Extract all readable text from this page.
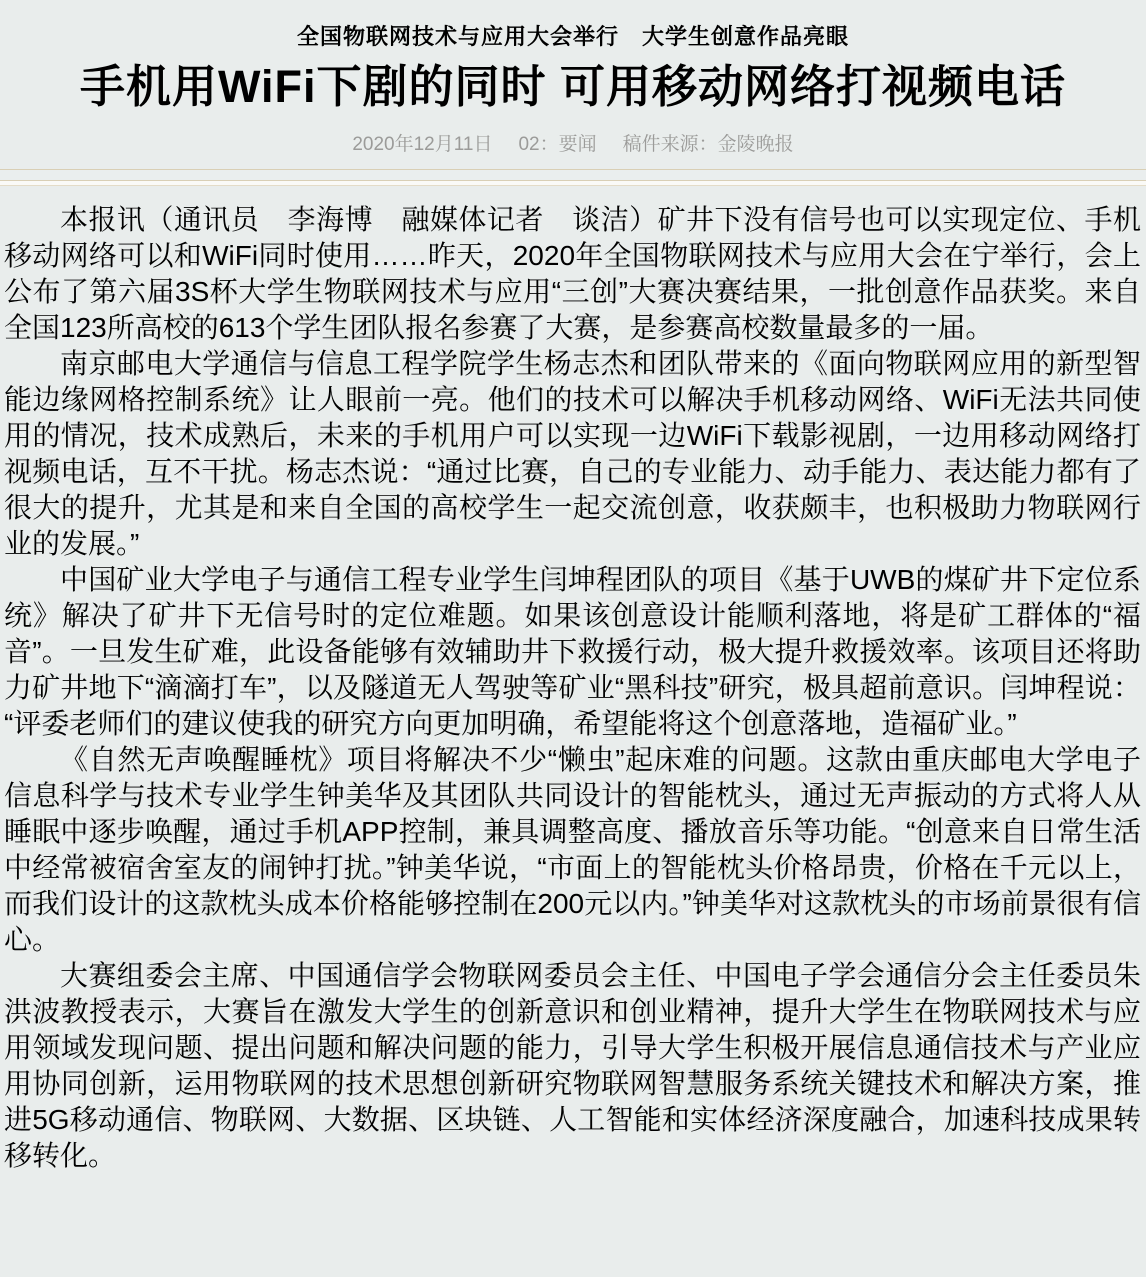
全国物联网技术与应用大会举行　大学生创意作品亮眼
手机用WiFi下剧的同时 可用移动网络打视频电话
2020年12月11日 02：要闻 稿件来源：金陵晚报

本报讯（通讯员　李海博　融媒体记者　谈洁）矿井下没有信号也可以实现定位、手机移动网络可以和WiFi同时使用……昨天，2020年全国物联网技术与应用大会在宁举行，会上公布了第六届3S杯大学生物联网技术与应用“三创”大赛决赛结果，一批创意作品获奖。来自全国123所高校的613个学生团队报名参赛了大赛，是参赛高校数量最多的一届。

南京邮电大学通信与信息工程学院学生杨志杰和团队带来的《面向物联网应用的新型智能边缘网格控制系统》让人眼前一亮。他们的技术可以解决手机移动网络、WiFi无法共同使用的情况，技术成熟后，未来的手机用户可以实现一边WiFi下载影视剧，一边用移动网络打视频电话，互不干扰。杨志杰说：“通过比赛，自己的专业能力、动手能力、表达能力都有了很大的提升，尤其是和来自全国的高校学生一起交流创意，收获颇丰，也积极助力物联网行业的发展。”

中国矿业大学电子与通信工程专业学生闫坤程团队的项目《基于UWB的煤矿井下定位系统》解决了矿井下无信号时的定位难题。如果该创意设计能顺利落地，将是矿工群体的“福音”。一旦发生矿难，此设备能够有效辅助井下救援行动，极大提升救援效率。该项目还将助力矿井地下“滴滴打车”，以及隧道无人驾驶等矿业“黑科技”研究，极具超前意识。闫坤程说：“评委老师们的建议使我的研究方向更加明确，希望能将这个创意落地，造福矿业。”

《自然无声唤醒睡枕》项目将解决不少“懒虫”起床难的问题。这款由重庆邮电大学电子信息科学与技术专业学生钟美华及其团队共同设计的智能枕头，通过无声振动的方式将人从睡眠中逐步唤醒，通过手机APP控制，兼具调整高度、播放音乐等功能。“创意来自日常生活中经常被宿舍室友的闹钟打扰。”钟美华说，“市面上的智能枕头价格昂贵，价格在千元以上，而我们设计的这款枕头成本价格能够控制在200元以内。”钟美华对这款枕头的市场前景很有信心。

大赛组委会主席、中国通信学会物联网委员会主任、中国电子学会通信分会主任委员朱洪波教授表示，大赛旨在激发大学生的创新意识和创业精神，提升大学生在物联网技术与应用领域发现问题、提出问题和解决问题的能力，引导大学生积极开展信息通信技术与产业应用协同创新，运用物联网的技术思想创新研究物联网智慧服务系统关键技术和解决方案，推进5G移动通信、物联网、大数据、区块链、人工智能和实体经济深度融合，加速科技成果转移转化。
